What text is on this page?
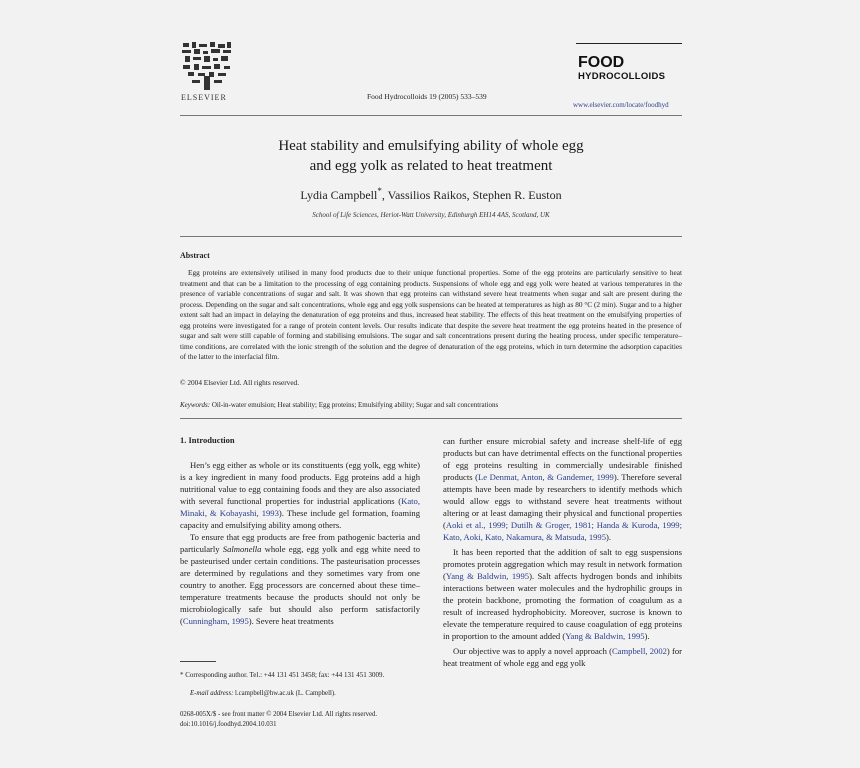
ELSEVIER	Food Hydrocolloids 19 (2005) 533–539
FOOD
HYDROCOLLOIDS
www.elsevier.com/locate/foodhyd
Heat stability and emulsifying ability of whole egg
and egg yolk as related to heat treatment
Lydia Campbell*, Vassilios Raikos, Stephen R. Euston
School of Life Sciences, Heriot-Watt University, Edinburgh EH14 4AS, Scotland, UK
Abstract
Egg proteins are extensively utilised in many food products due to their unique functional properties. Some of the egg proteins are particularly sensitive to heat treatment and that can be a limitation to the processing of egg containing products. Suspensions of whole egg and egg yolk were heated at various temperatures in the presence of variable concentrations of sugar and salt. It was shown that egg proteins can withstand severe heat treatments when sugar and salt are present during the process. Depending on the sugar and salt concentrations, whole egg and egg yolk suspensions can be heated at temperatures as high as 80 °C (2 min). Sugar and to a higher extent salt had an impact in delaying the denaturation of egg proteins and thus, increased heat stability. The effects of this heat treatment on the emulsifying properties of egg proteins were investigated for a range of protein content levels. Our results indicate that despite the severe heat treatment the egg proteins heated in the presence of sugar and salt were still capable of forming and stabilising emulsions. The sugar and salt concentrations present during the heating process, under specific temperature–time conditions, are correlated with the ionic strength of the solution and the degree of denaturation of the egg proteins, which in turn determine the adsorption capacities of the latter to the interfacial film.
© 2004 Elsevier Ltd. All rights reserved.
Keywords: Oil-in-water emulsion; Heat stability; Egg proteins; Emulsifying ability; Sugar and salt concentrations
1. Introduction

Hen’s egg either as whole or its constituents (egg yolk, egg white) is a key ingredient in many food products. Egg proteins add a high nutritional value to egg containing foods and they are also associated with several functional properties for industrial applications (Kato, Minaki, & Kobayashi, 1993). These include gel formation, foaming capacity and emulsifying ability among others.

To ensure that egg products are free from pathogenic bacteria and particularly Salmonella whole egg, egg yolk and egg white need to be pasteurised under certain conditions. The pasteurisation processes are determined by regulations and they sometimes vary from one country to another. Egg processors are concerned about these time–temperature treatments because the products should not only be microbiologically safe but should also perform satisfactorily (Cunningham, 1995). Severe heat treatments

can further ensure microbial safety and increase shelf-life of egg products but can have detrimental effects on the functional properties of egg proteins resulting in commercially undesirable finished products (Le Denmat, Anton, & Gandemer, 1999). Therefore several attempts have been made by researchers to identify methods which would allow eggs to withstand severe heat treatments without altering or at least damaging their physical and functional properties (Aoki et al., 1999; Dutilh & Groger, 1981; Handa & Kuroda, 1999; Kato, Aoki, Kato, Nakamura, & Matsuda, 1995).

It has been reported that the addition of salt to egg suspensions promotes protein aggregation which may result in network formation (Yang & Baldwin, 1995). Salt affects hydrogen bonds and inhibits interactions between water molecules and the hydrophilic groups in the protein backbone, promoting the formation of coagulum as a result of increased hydrophobicity. Moreover, sucrose is known to elevate the temperature required to cause coagulation of egg proteins in proportion to the amount added (Yang & Baldwin, 1995).

Our objective was to apply a novel approach (Campbell, 2002) for heat treatment of whole egg and egg yolk

* Corresponding author. Tel.: +44 131 451 3458; fax: +44 131 451 3009.
E-mail address: l.campbell@hw.ac.uk (L. Campbell).
0268-005X/$ - see front matter © 2004 Elsevier Ltd. All rights reserved.
doi:10.1016/j.foodhyd.2004.10.031
